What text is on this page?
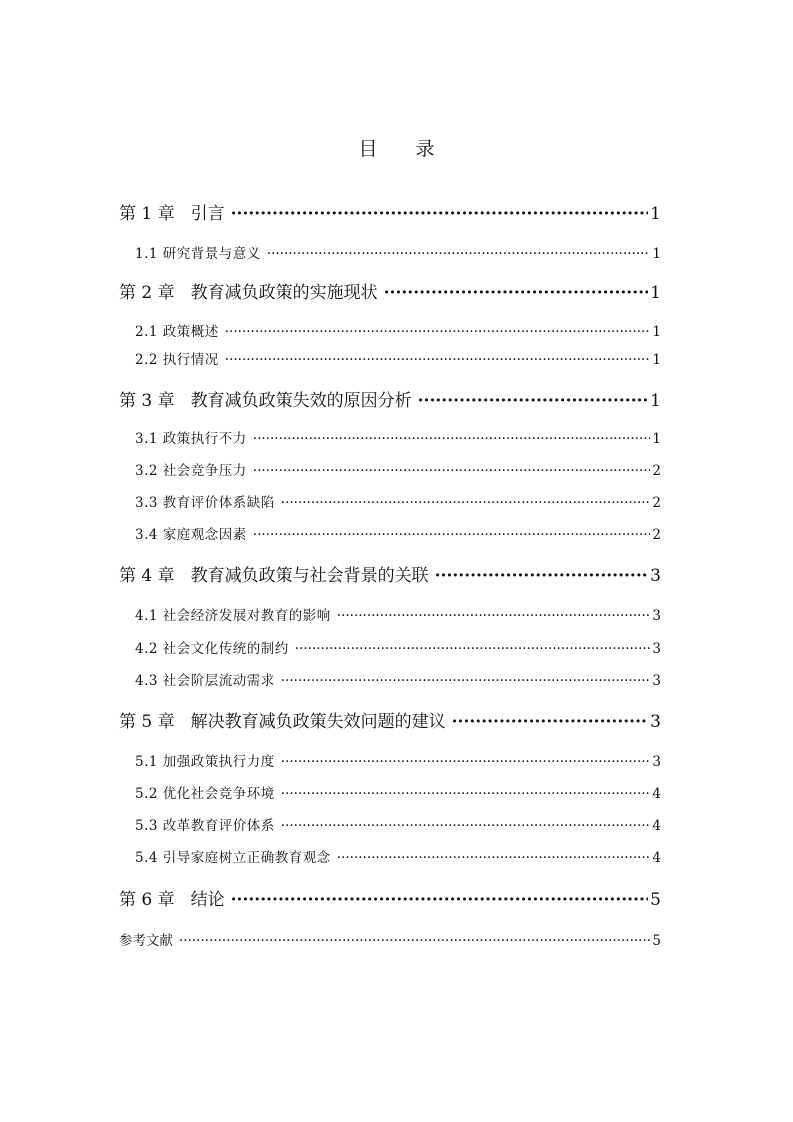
目 录
第 1 章 引言 ·····	1
1.1 研究背景与意义 ·····	1
第 2 章 教育减负政策的实施现状 ·····	1
2.1 政策概述 ·····	1
2.2 执行情况 ·····	1
第 3 章 教育减负政策失效的原因分析 ·····	1
3.1 政策执行不力 ·····	1
3.2 社会竞争压力 ·····	2
3.3 教育评价体系缺陷 ·····	2
3.4 家庭观念因素 ·····	2
第 4 章 教育减负政策与社会背景的关联 ·····	3
4.1 社会经济发展对教育的影响 ·····	3
4.2 社会文化传统的制约 ·····	3
4.3 社会阶层流动需求 ·····	3
第 5 章 解决教育减负政策失效问题的建议 ·····	3
5.1 加强政策执行力度 ·····	3
5.2 优化社会竞争环境 ·····	4
5.3 改革教育评价体系 ·····	4
5.4 引导家庭树立正确教育观念 ·····	4
第 6 章 结论 ·····	5
参考文献 ·····	5
